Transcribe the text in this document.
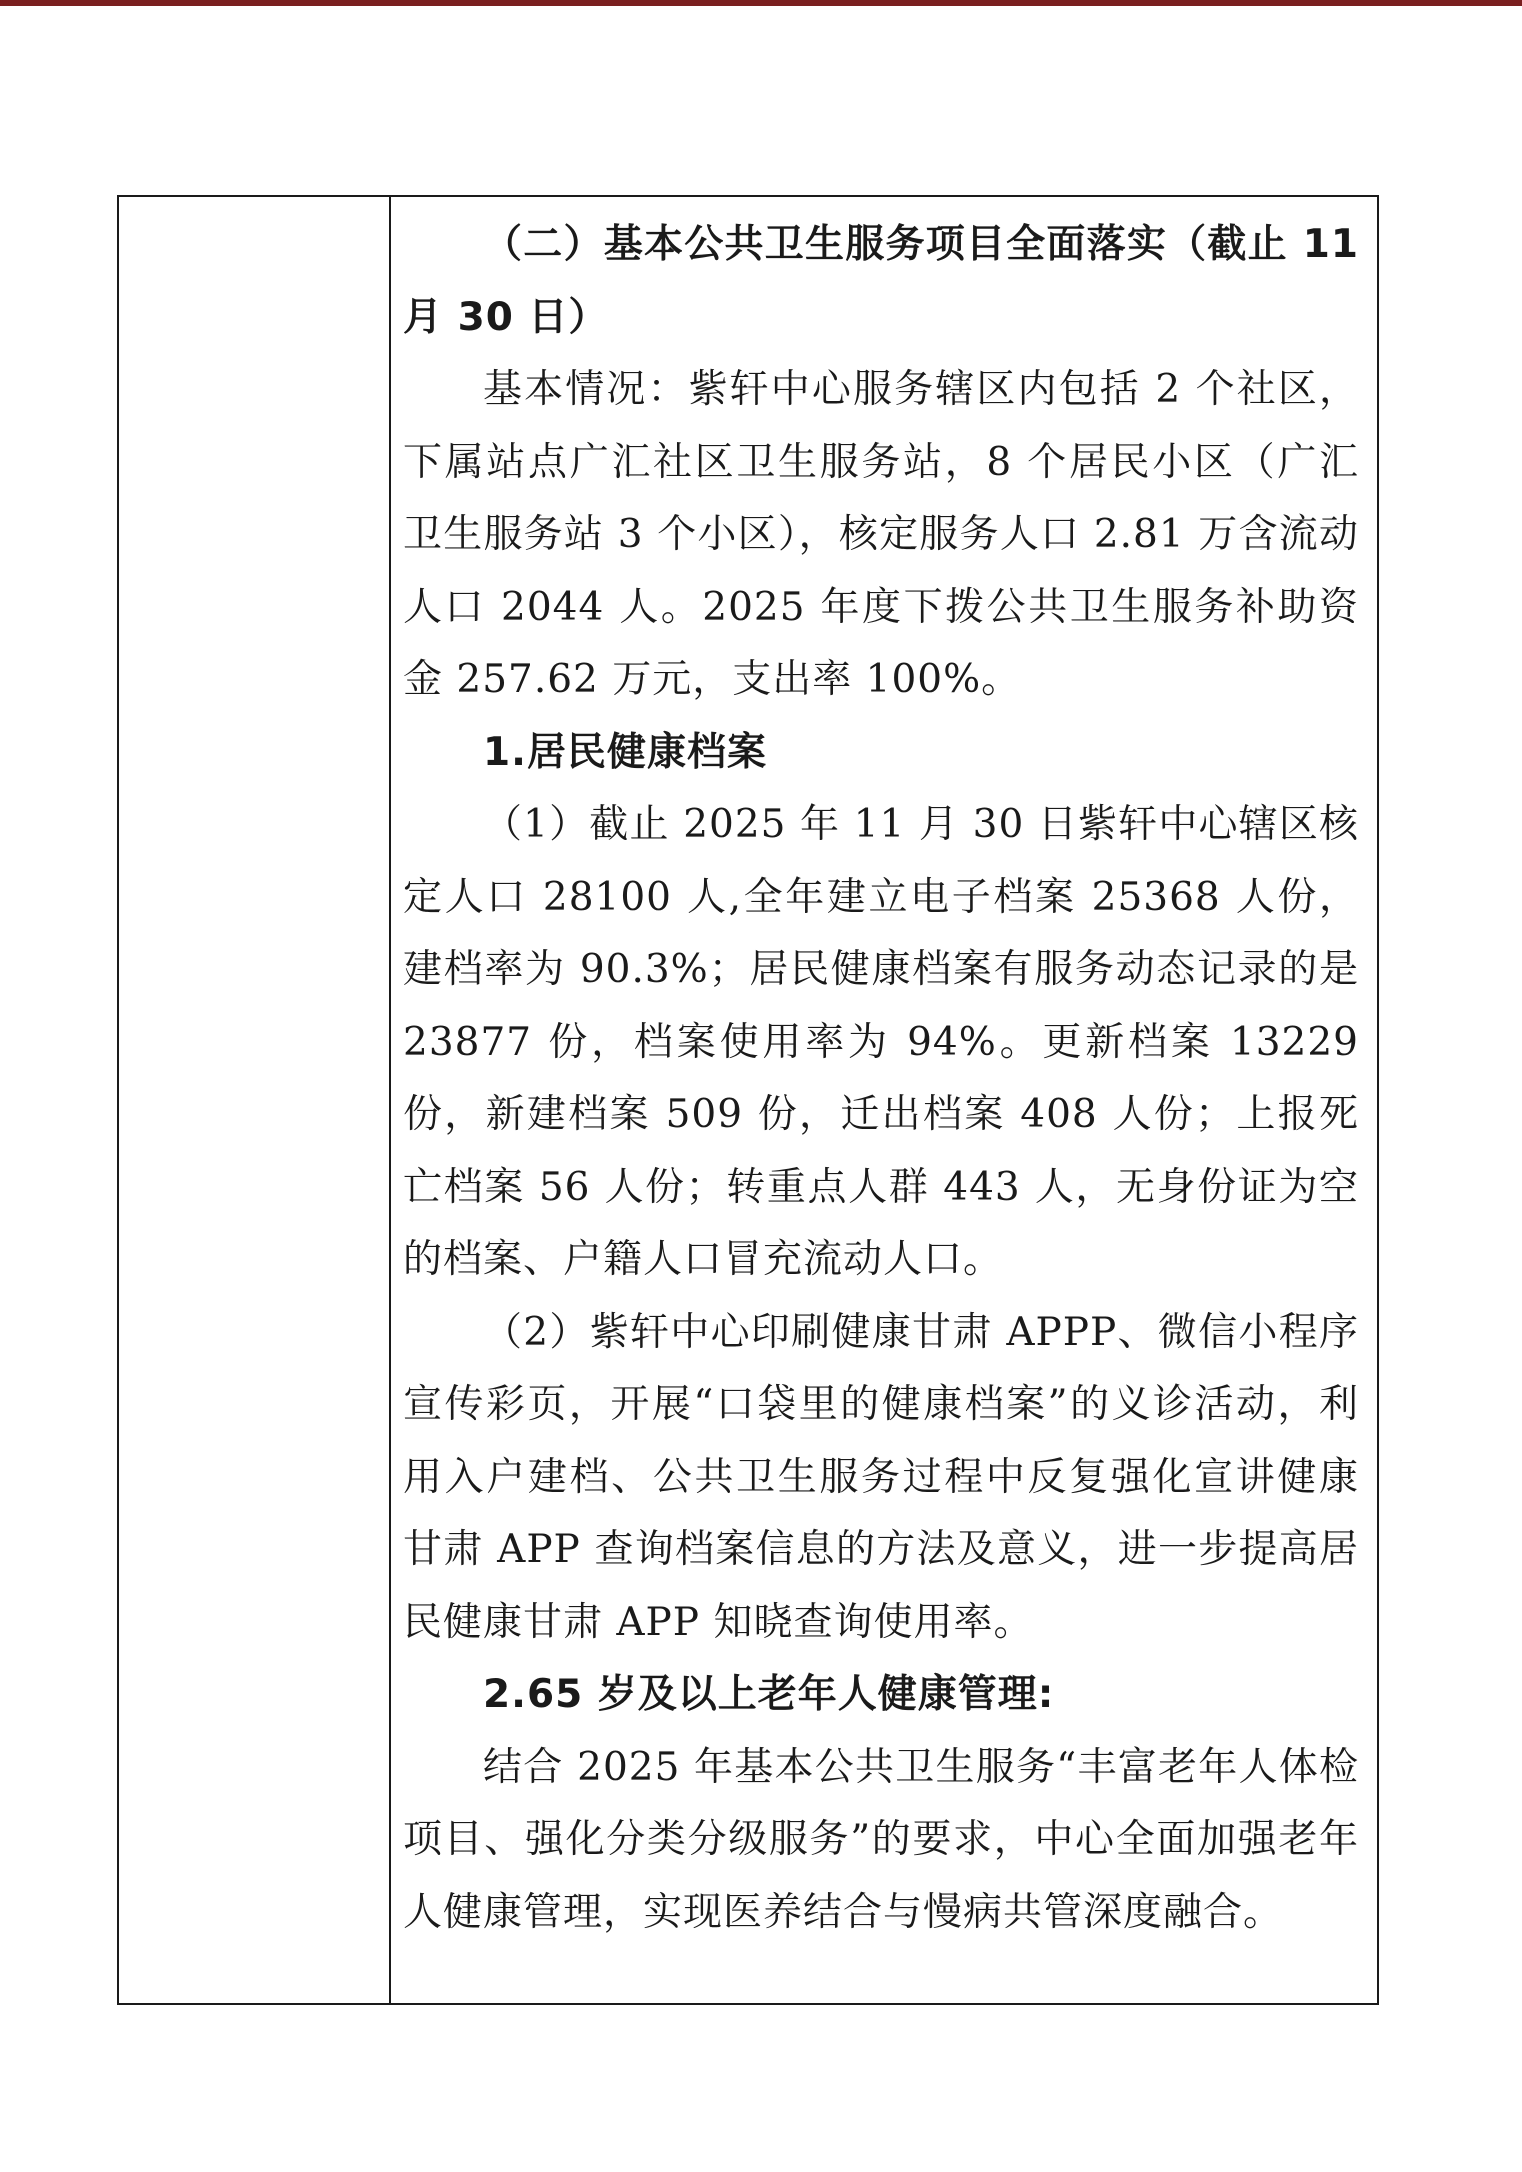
（二）基本公共卫生服务项目全面落实（截止 11 月 30 日）

基本情况：紫轩中心服务辖区内包括 2 个社区，下属站点广汇社区卫生服务站，8 个居民小区（广汇卫生服务站 3 个小区），核定服务人口 2.81 万含流动人口 2044 人。2025 年度下拨公共卫生服务补助资金 257.62 万元，支出率 100%。

1.居民健康档案

（1）截止 2025 年 11 月 30 日紫轩中心辖区核定人口 28100 人,全年建立电子档案 25368 人份，建档率为 90.3%；居民健康档案有服务动态记录的是 23877 份，档案使用率为 94%。更新档案 13229 份，新建档案 509 份，迁出档案 408 人份；上报死亡档案 56 人份；转重点人群 443 人，无身份证为空的档案、户籍人口冒充流动人口。

（2）紫轩中心印刷健康甘肃 APPP、微信小程序宣传彩页，开展“口袋里的健康档案”的义诊活动，利用入户建档、公共卫生服务过程中反复强化宣讲健康甘肃 APP 查询档案信息的方法及意义，进一步提高居民健康甘肃 APP 知晓查询使用率。

2.65 岁及以上老年人健康管理:

结合 2025 年基本公共卫生服务“丰富老年人体检项目、强化分类分级服务”的要求，中心全面加强老年人健康管理，实现医养结合与慢病共管深度融合。
